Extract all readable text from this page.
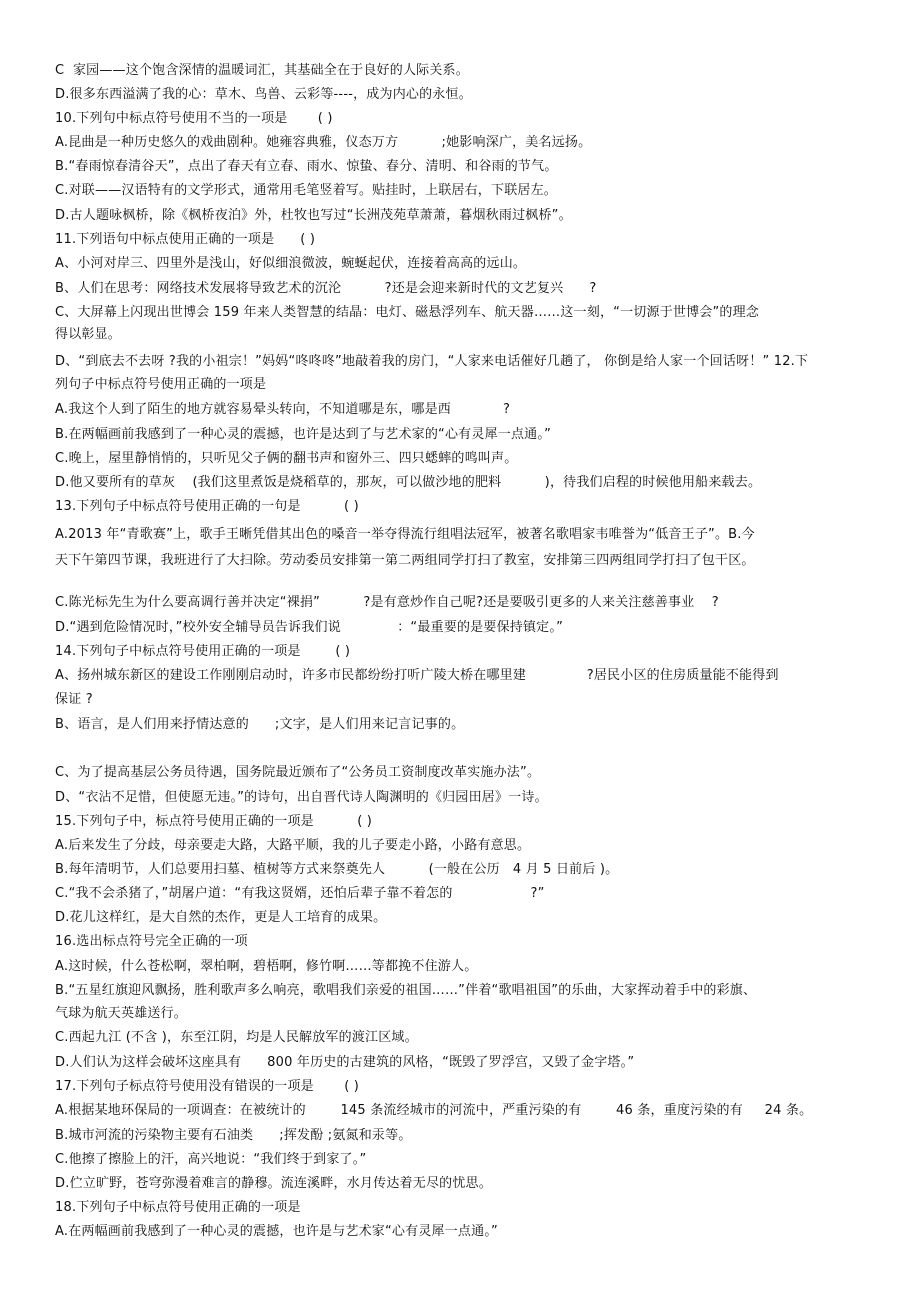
C  家园——这个饱含深情的温暖词汇，其基础全在于良好的人际关系。
D.很多东西溢满了我的心：草木、鸟兽、云彩等----，成为内心的永恒。
10.下列句中标点符号使用不当的一项是       ( )
A.昆曲是一种历史悠久的戏曲剧种。她雍容典雅，仪态万方          ;她影响深广，美名远扬。
B.“春雨惊春清谷天”，点出了春天有立春、雨水、惊蛰、春分、清明、和谷雨的节气。
C.对联——汉语特有的文学形式，通常用毛笔竖着写。贴挂时，上联居右，下联居左。
D.古人题咏枫桥，除《枫桥夜泊》外，杜牧也写过“长洲茂苑草萧萧，暮烟秋雨过枫桥”。
11.下列语句中标点使用正确的一项是      ( )
A、小河对岸三、四里外是浅山，好似细浪微波，蜿蜒起伏，连接着高高的远山。
B、人们在思考：网络技术发展将导致艺术的沉沦          ?还是会迎来新时代的文艺复兴      ?
C、大屏幕上闪现出世博会 159 年来人类智慧的结晶：电灯、磁悬浮列车、航天器……这一刻，“一切源于世博会”的理念
得以彰显。
D、“到底去不去呀 ?我的小祖宗！”妈妈“咚咚咚”地敲着我的房门，“人家来电话催好几趟了， 你倒是给人家一个回话呀！” 12.下
列句子中标点符号使用正确的一项是
A.我这个人到了陌生的地方就容易晕头转向，不知道哪是东，哪是西            ?
B.在两幅画前我感到了一种心灵的震撼，也许是达到了与艺术家的“心有灵犀一点通。”
C.晚上，屋里静悄悄的，只听见父子俩的翻书声和窗外三、四只蟋蟀的鸣叫声。
D.他又要所有的草灰    (我们这里煮饭是烧稻草的，那灰，可以做沙地的肥料          )，待我们启程的时候他用船来载去。
13.下列句子中标点符号使用正确的一句是          ( )
A.2013 年“青歌赛”上，歌手王晰凭借其出色的嗓音一举夺得流行组唱法冠军，被著名歌唱家韦唯誉为“低音王子”。B.今
天下午第四节课，我班进行了大扫除。劳动委员安排第一第二两组同学打扫了教室，安排第三四两组同学打扫了包干区。
C.陈光标先生为什么要高调行善并决定“裸捐”          ?是有意炒作自己呢?还是要吸引更多的人来关注慈善事业    ?
D.“遇到危险情况时，”校外安全辅导员告诉我们说             ：“最重要的是要保持镇定。”
14.下列句子中标点符号使用正确的一项是        ( )
A、扬州城东新区的建设工作刚刚启动时，许多市民都纷纷打听广陵大桥在哪里建              ?居民小区的住房质量能不能得到
保证 ?
B、语言，是人们用来抒情达意的      ;文字，是人们用来记言记事的。
C、为了提高基层公务员待遇，国务院最近颁布了“公务员工资制度改革实施办法”。
D、“衣沾不足惜，但使愿无违。”的诗句，出自晋代诗人陶渊明的《归园田居》一诗。
15.下列句子中，标点符号使用正确的一项是          ( )
A.后来发生了分歧，母亲要走大路，大路平顺，我的儿子要走小路，小路有意思。
B.每年清明节，人们总要用扫墓、植树等方式来祭奠先人          (一般在公历   4 月 5 日前后 )。
C.“我不会杀猪了，”胡屠户道：“有我这贤婿，还怕后辈子靠不着怎的                  ?”
D.花儿这样红，是大自然的杰作，更是人工培育的成果。
16.选出标点符号完全正确的一项
A.这时候，什么苍松啊，翠柏啊，碧梧啊，修竹啊……等都挽不住游人。
B.“五星红旗迎风飘扬，胜利歌声多么响亮，歌唱我们亲爱的祖国……”伴着“歌唱祖国”的乐曲，大家挥动着手中的彩旗、
气球为航天英雄送行。
C.西起九江 (不含 )，东至江阴，均是人民解放军的渡江区域。
D.人们认为这样会破坏这座具有      800 年历史的古建筑的风格，“既毁了罗浮宫，又毁了金字塔。”
17.下列句子标点符号使用没有错误的一项是       ( )
A.根据某地环保局的一项调查：在被统计的        145 条流经城市的河流中，严重污染的有        46 条，重度污染的有     24 条。
B.城市河流的污染物主要有石油类      ;挥发酚 ;氨氮和汞等。
C.他擦了擦脸上的汗，高兴地说：“我们终于到家了。”
D.伫立旷野，苍穹弥漫着难言的静穆。流连溪畔，水月传达着无尽的忧思。
18.下列句子中标点符号使用正确的一项是
A.在两幅画前我感到了一种心灵的震撼，也许是与艺术家“心有灵犀一点通。”
